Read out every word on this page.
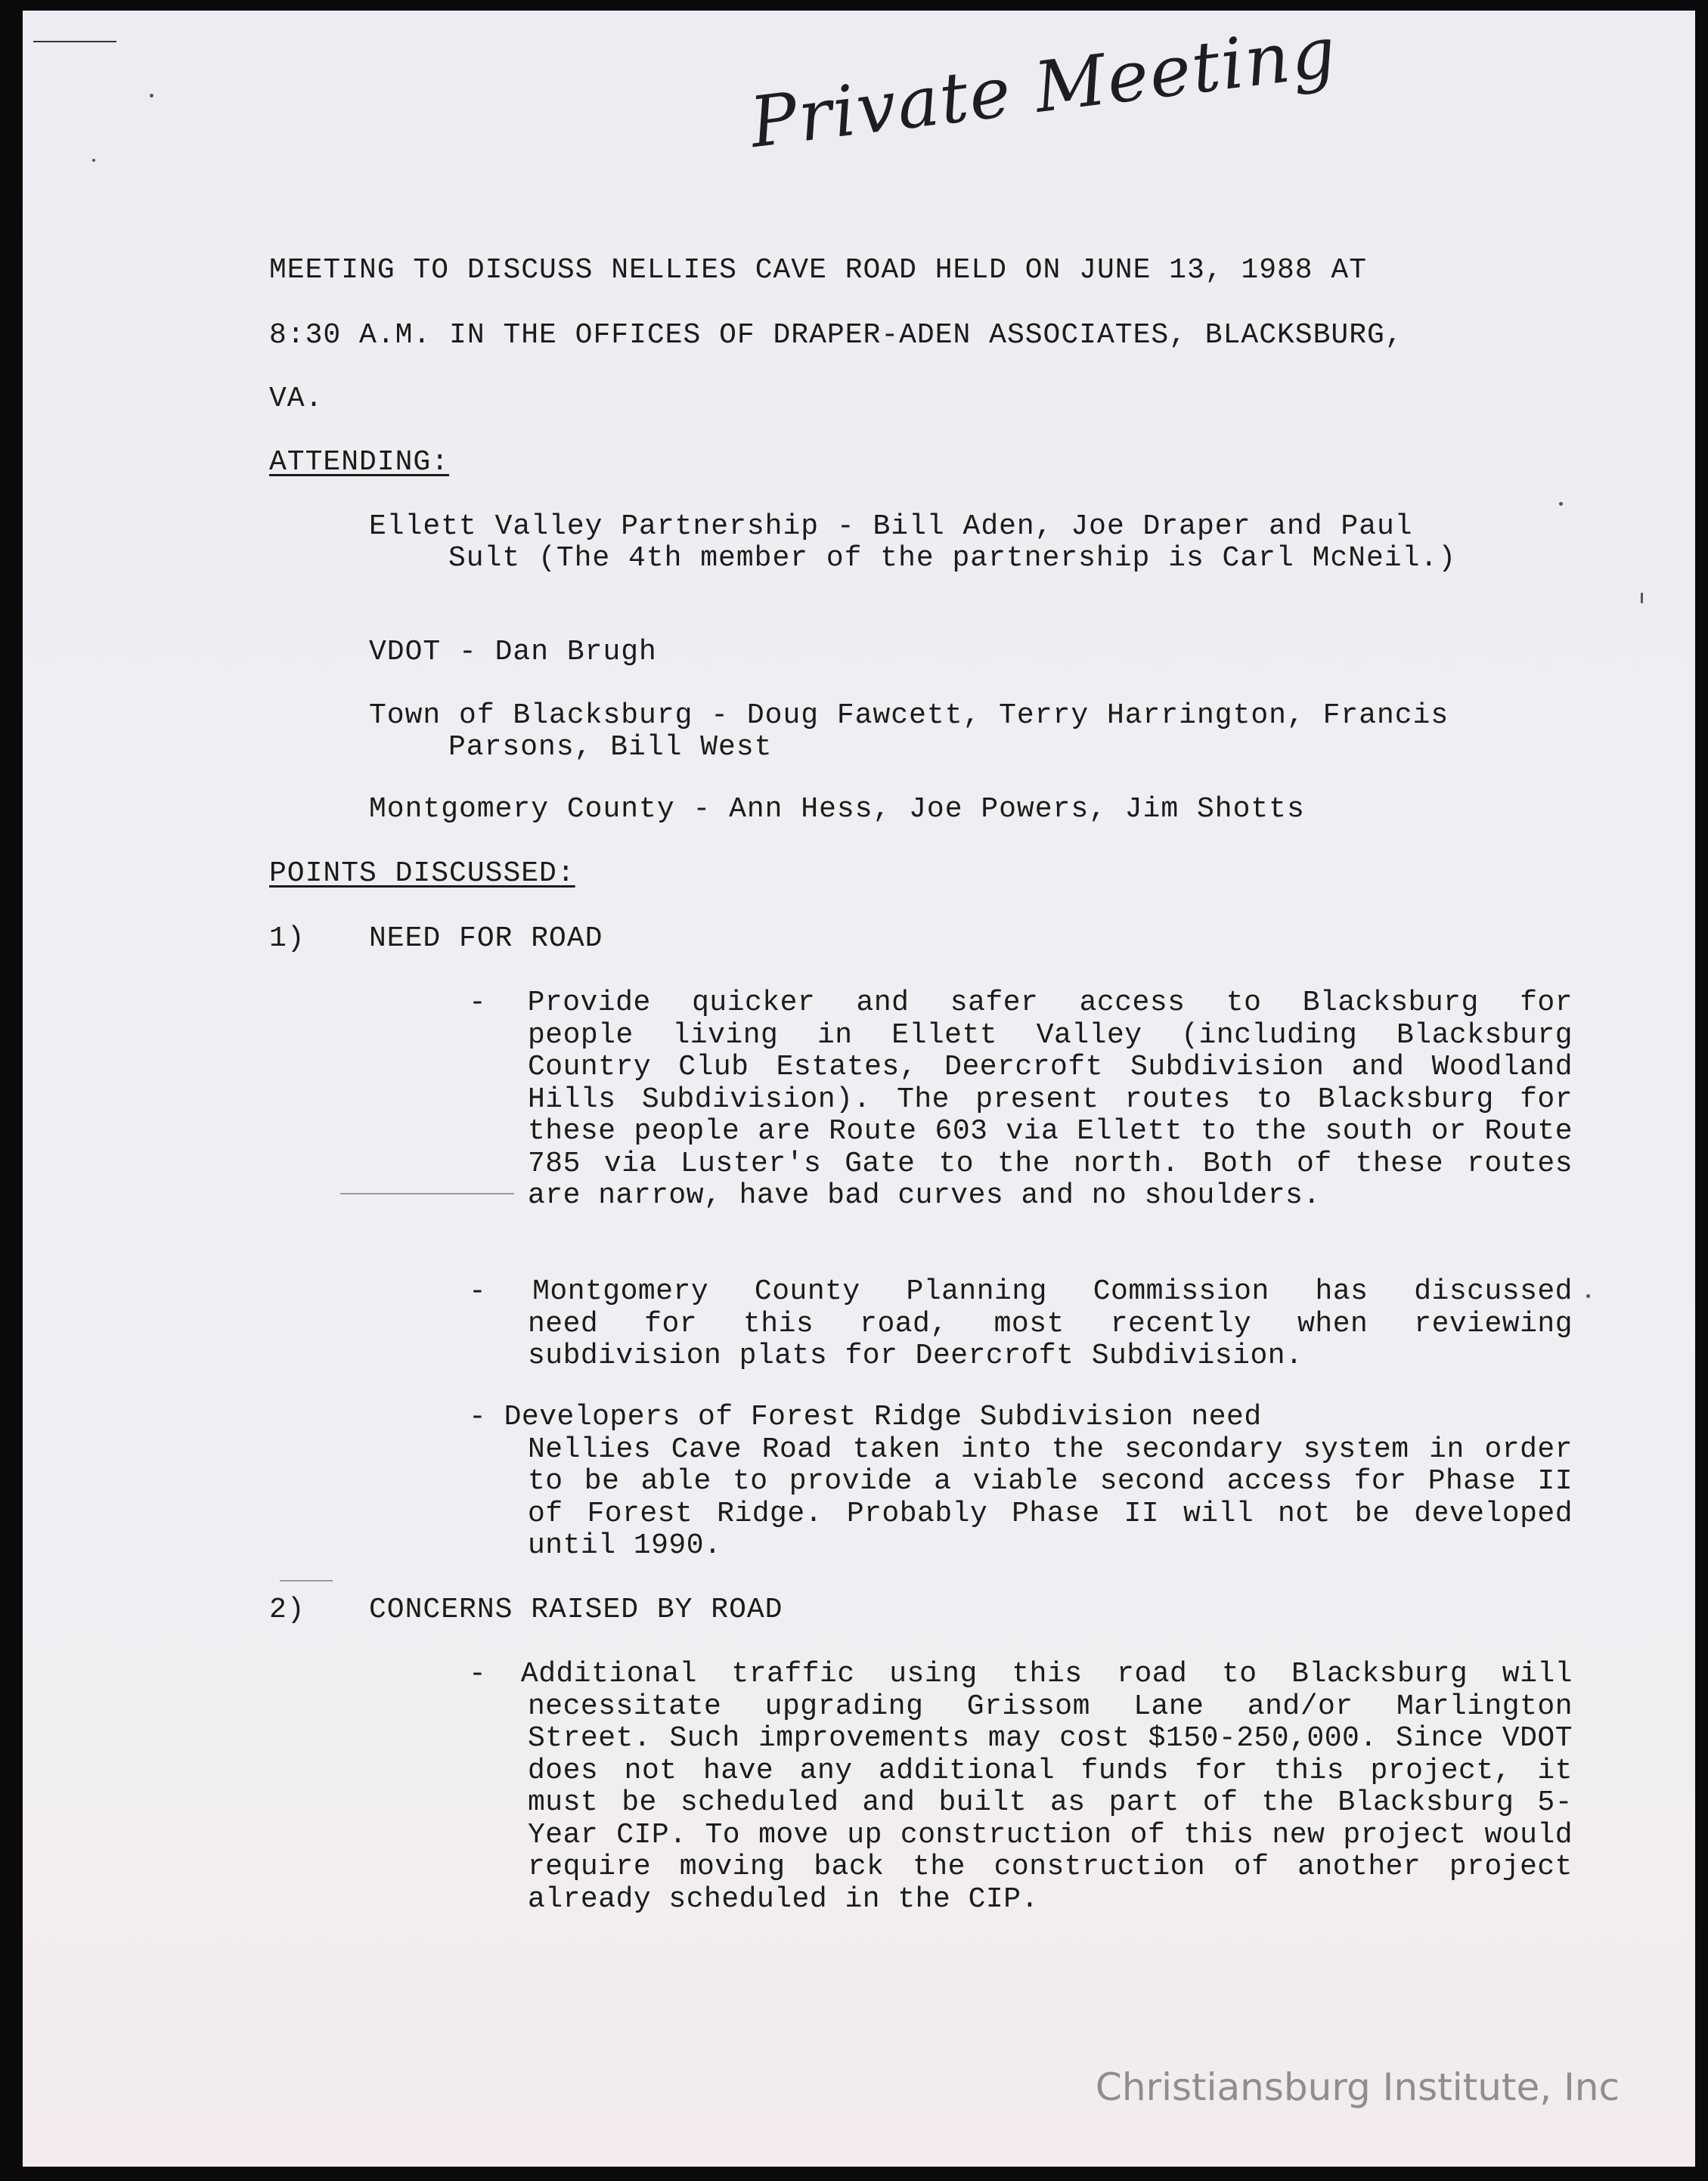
Private Meeting
MEETING TO DISCUSS NELLIES CAVE ROAD HELD ON JUNE 13, 1988 AT
8:30 A.M. IN THE OFFICES OF DRAPER-ADEN ASSOCIATES, BLACKSBURG,
VA.
ATTENDING:
Ellett Valley Partnership - Bill Aden, Joe Draper and Paul
Sult (The 4th member of the partnership is Carl McNeil.)
VDOT - Dan Brugh
Town of Blacksburg - Doug Fawcett, Terry Harrington, Francis
Parsons, Bill West
Montgomery County - Ann Hess, Joe Powers, Jim Shotts
POINTS DISCUSSED:
1) NEED FOR ROAD
- Provide quicker and safer access to Blacksburg for
people living in Ellett Valley (including Blacksburg Country Club Estates, Deercroft Subdivision and Woodland Hills Subdivision). The present routes to Blacksburg for these people are Route 603 via Ellett to the south or Route 785 via Luster's Gate to the north. Both of these routes are narrow, have bad curves and no shoulders.
- Montgomery County Planning Commission has discussed
need for this road, most recently when reviewing subdivision plats for Deercroft Subdivision.
- Developers of Forest Ridge Subdivision need
Nellies Cave Road taken into the secondary system in order to be able to provide a viable second access for Phase II of Forest Ridge. Probably Phase II will not be developed until 1990.
2) CONCERNS RAISED BY ROAD
- Additional traffic using this road to Blacksburg will
necessitate upgrading Grissom Lane and/or Marlington Street. Such improvements may cost $150-250,000. Since VDOT does not have any additional funds for this project, it must be scheduled and built as part of the Blacksburg 5-Year CIP. To move up construction of this new project would require moving back the construction of another project already scheduled in the CIP.
Christiansburg Institute, Inc
